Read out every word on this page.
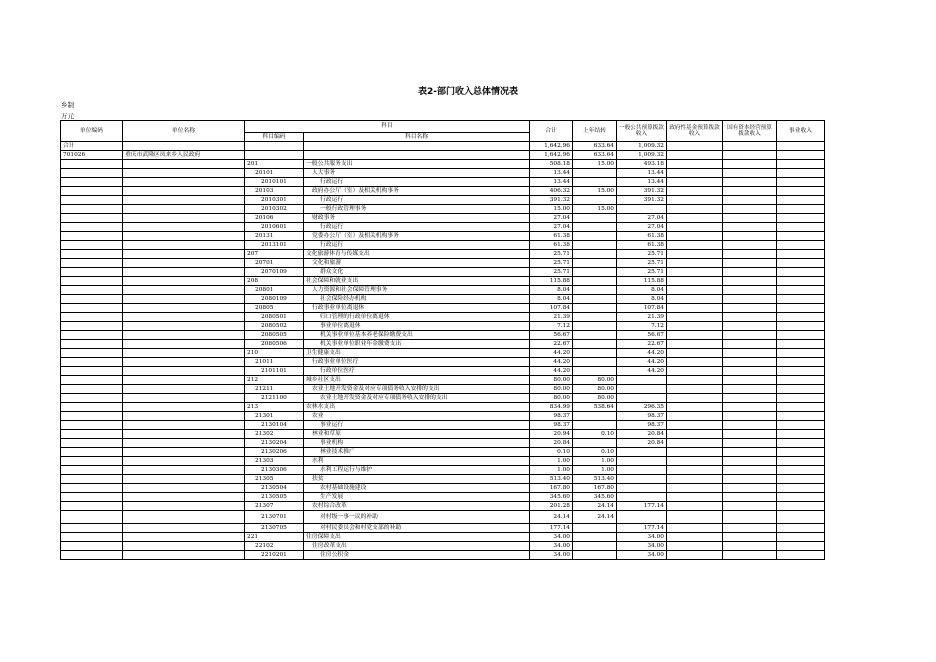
表2-部门收入总体情况表
乡制
万元
单位编码	单位名称	科目		合计	上年结转	一般公共预算拨款收入	政府性基金预算拨款收入	国有资本经营预算拨款收入	事业收入
		科目编码	科目名称						
合计				1,642.96	633.64	1,009.32			
701026	重庆市武隆区凤来乡人民政府			1,642.96	633.64	1,009.32			
		201	一般公共服务支出	508.18	15.00	493.18			
		20101	人大事务	13.44		13.44			
		2010101	行政运行	13.44		13.44			
		20103	政府办公厅（室）及相关机构事务	406.32	15.00	391.32			
		2010301	行政运行	391.32		391.32			
		2010302	一般行政管理事务	15.00	15.00				
		20106	财政事务	27.04		27.04			
		2010601	行政运行	27.04		27.04			
		20131	党委办公厅（室）及相关机构事务	61.38		61.38			
		2013101	行政运行	61.38		61.38			
		207	文化旅游体育与传媒支出	25.71		25.71			
		20701	文化和旅游	25.71		25.71			
		2070109	群众文化	25.71		25.71			
		208	社会保障和就业支出	115.88		115.88			
		20801	人力资源和社会保障管理事务	8.04		8.04			
		2080109	社会保险经办机构	8.04		8.04			
		20805	行政事业单位离退休	107.84		107.84			
		2080501	归口管理的行政单位离退休	21.39		21.39			
		2080502	事业单位离退休	7.12		7.12			
		2080505	机关事业单位基本养老保险缴费支出	56.67		56.67			
		2080506	机关事业单位职业年金缴费支出	22.67		22.67			
		210	卫生健康支出	44.20		44.20			
		21011	行政事业单位医疗	44.20		44.20			
		2101101	行政单位医疗	44.20		44.20			
		212	城乡社区支出	80.00	80.00				
		21211	农业土地开发资金及对应专项债务收入安排的支出	80.00	80.00				
		2121100	农业土地开发资金及对应专项债务收入安排的支出	80.00	80.00				
		213	农林水支出	834.99	538.64	296.35			
		21301	农业	98.37		98.37			
		2130104	事业运行	98.37		98.37			
		21302	林业和草原	20.94	0.10	20.84			
		2130204	事业机构	20.84		20.84			
		2130206	林业技术推广	0.10	0.10				
		21303	水利	1.00	1.00				
		2130306	水利工程运行与维护	1.00	1.00				
		21305	扶贫	513.40	513.40				
		2130504	农村基础设施建设	167.80	167.80				
		2130505	生产发展	345.60	345.60				
		21307	农村综合改革	201.28	24.14	177.14			
		2130701	对村级一事一议的补助	24.14	24.14				
		2130705	对村民委员会和村党支部的补助	177.14		177.14			
		221	住房保障支出	34.00		34.00			
		22102	住房改革支出	34.00		34.00			
		2210201	住房公积金	34.00		34.00			
